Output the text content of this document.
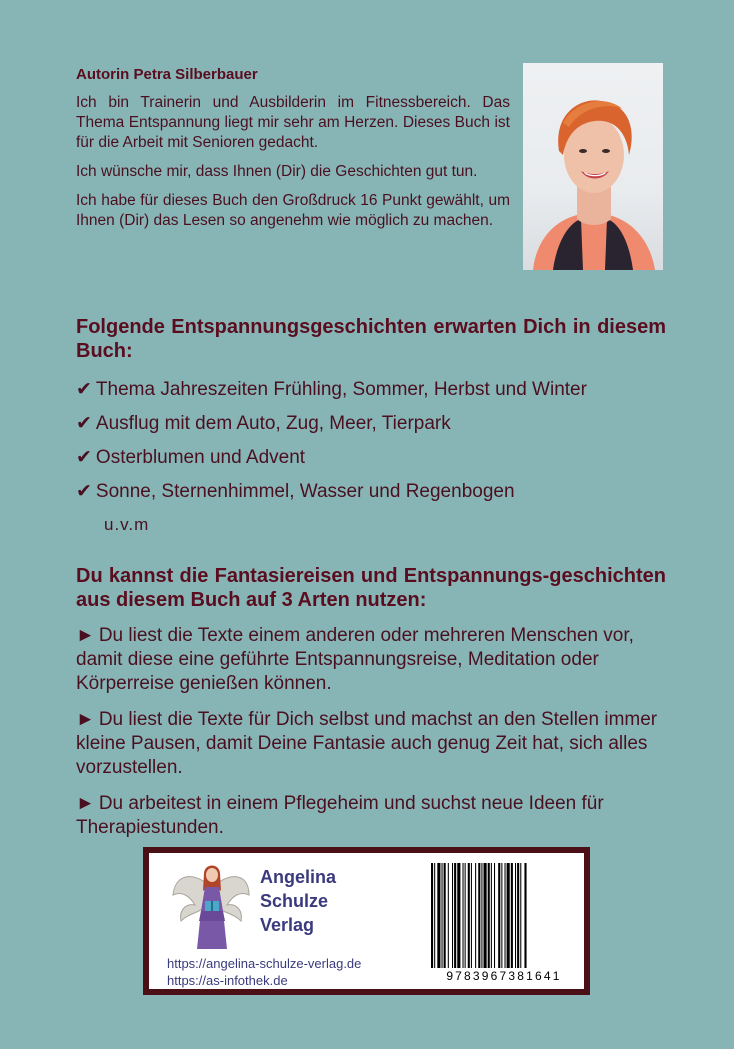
Autorin Petra Silberbauer

Ich bin Trainerin und Ausbilderin im Fitnessbereich. Das Thema Entspannung liegt mir sehr am Herzen. Dieses Buch ist für die Arbeit mit Senioren gedacht.

Ich wünsche mir, dass Ihnen (Dir) die Geschichten gut tun.

Ich habe für dieses Buch den Großdruck 16 Punkt gewählt, um Ihnen (Dir) das Lesen so angenehm wie möglich zu machen.

Folgende Entspannungsgeschichten erwarten Dich in diesem Buch:

✔ Thema Jahreszeiten Frühling, Sommer, Herbst und Winter
✔ Ausflug mit dem Auto, Zug, Meer, Tierpark
✔ Osterblumen und Advent
✔ Sonne, Sternenhimmel, Wasser und Regenbogen
u.v.m

Du kannst die Fantasiereisen und Entspannungs-geschichten aus diesem Buch auf 3 Arten nutzen:

► Du liest die Texte einem anderen oder mehreren Menschen vor, damit diese eine geführte Entspannungsreise, Meditation oder Körperreise genießen können.

► Du liest die Texte für Dich selbst und machst an den Stellen immer kleine Pausen, damit Deine Fantasie auch genug Zeit hat, sich alles vorzustellen.

► Du arbeitest in einem Pflegeheim und suchst neue Ideen für Therapiestunden.

Angelina
Schulze
Verlag
https://angelina-schulze-verlag.de
https://as-infothek.de	9783967381641
